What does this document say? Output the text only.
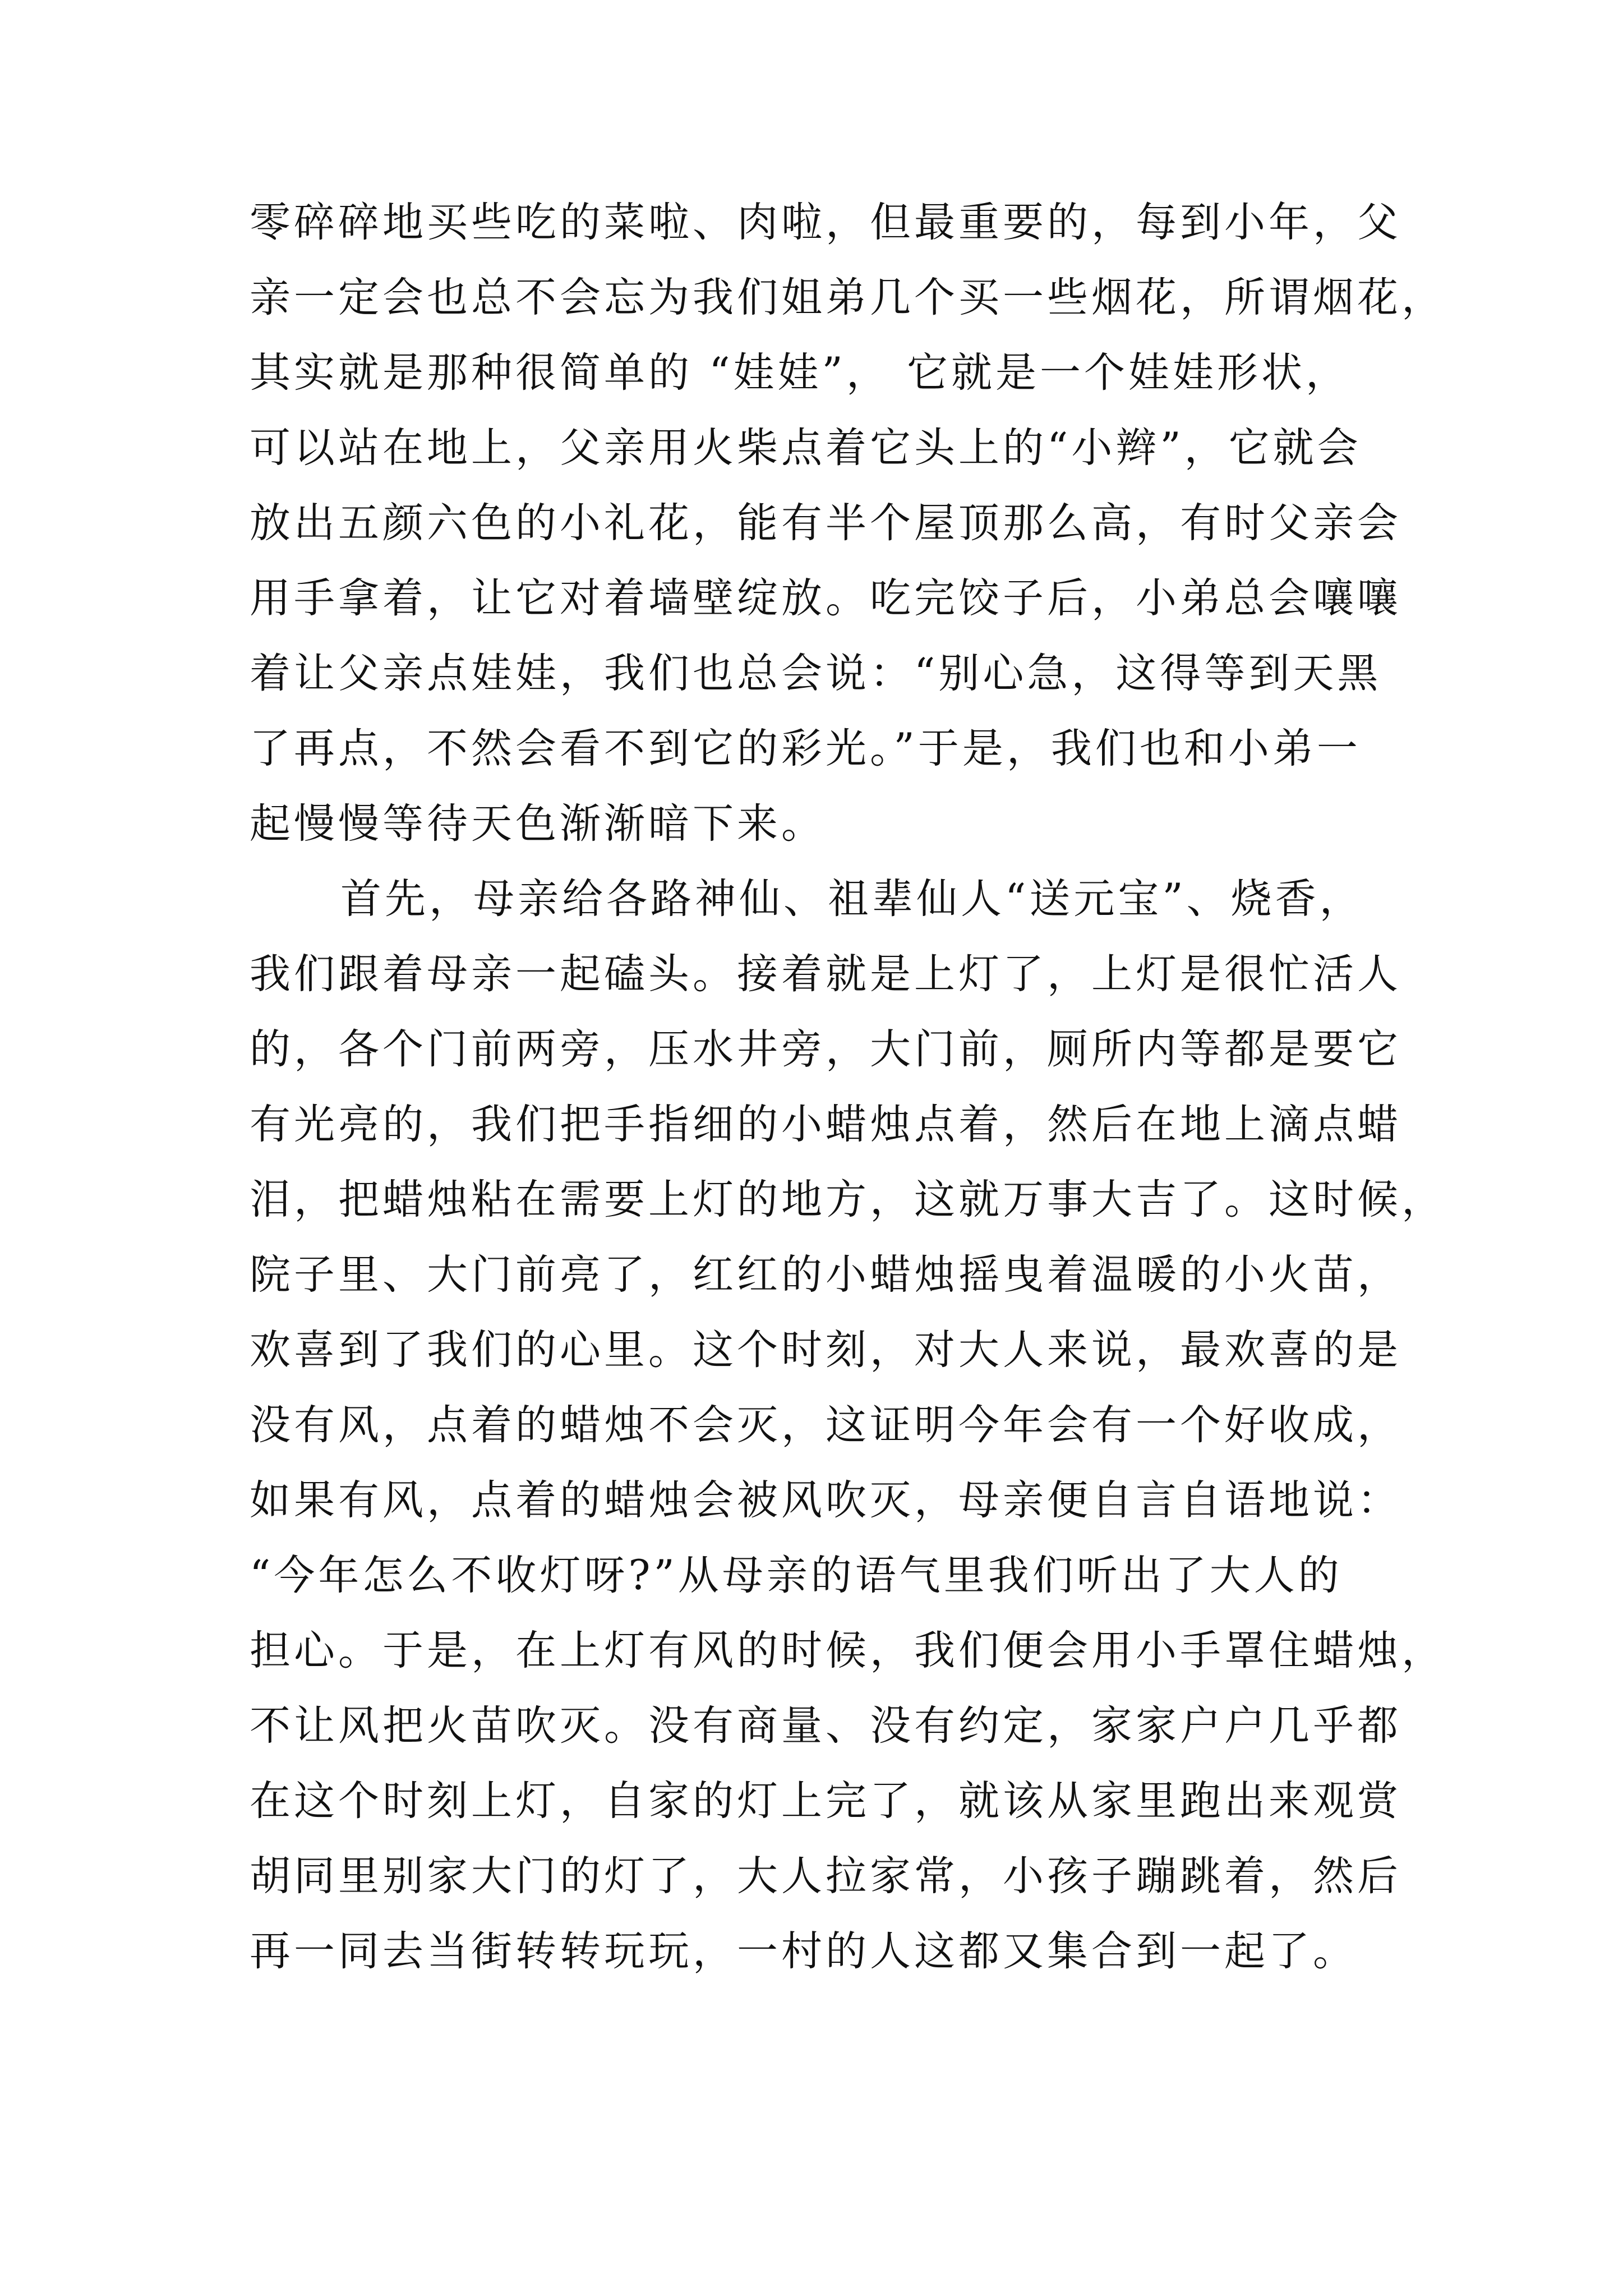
零碎碎地买些吃的菜啦、肉啦，但最重要的，每到小年，父
亲一定会也总不会忘为我们姐弟几个买一些烟花，所谓烟花，
其实就是那种很简单的 “娃娃”， 它就是一个娃娃形状，
可以站在地上，父亲用火柴点着它头上的“小辫”，它就会
放出五颜六色的小礼花，能有半个屋顶那么高，有时父亲会
用手拿着，让它对着墙壁绽放。吃完饺子后，小弟总会嚷嚷
着让父亲点娃娃，我们也总会说：“别心急，这得等到天黑
了再点，不然会看不到它的彩光。”于是，我们也和小弟一
起慢慢等待天色渐渐暗下来。
首先，母亲给各路神仙、祖辈仙人“送元宝”、烧香，
我们跟着母亲一起磕头。接着就是上灯了，上灯是很忙活人
的，各个门前两旁，压水井旁，大门前，厕所内等都是要它
有光亮的，我们把手指细的小蜡烛点着，然后在地上滴点蜡
泪，把蜡烛粘在需要上灯的地方，这就万事大吉了。这时候，
院子里、大门前亮了，红红的小蜡烛摇曳着温暖的小火苗，
欢喜到了我们的心里。这个时刻，对大人来说，最欢喜的是
没有风，点着的蜡烛不会灭，这证明今年会有一个好收成，
如果有风，点着的蜡烛会被风吹灭，母亲便自言自语地说：
“今年怎么不收灯呀?”从母亲的语气里我们听出了大人的
担心。于是，在上灯有风的时候，我们便会用小手罩住蜡烛，
不让风把火苗吹灭。没有商量、没有约定，家家户户几乎都
在这个时刻上灯，自家的灯上完了，就该从家里跑出来观赏
胡同里别家大门的灯了，大人拉家常，小孩子蹦跳着，然后
再一同去当街转转玩玩，一村的人这都又集合到一起了。
